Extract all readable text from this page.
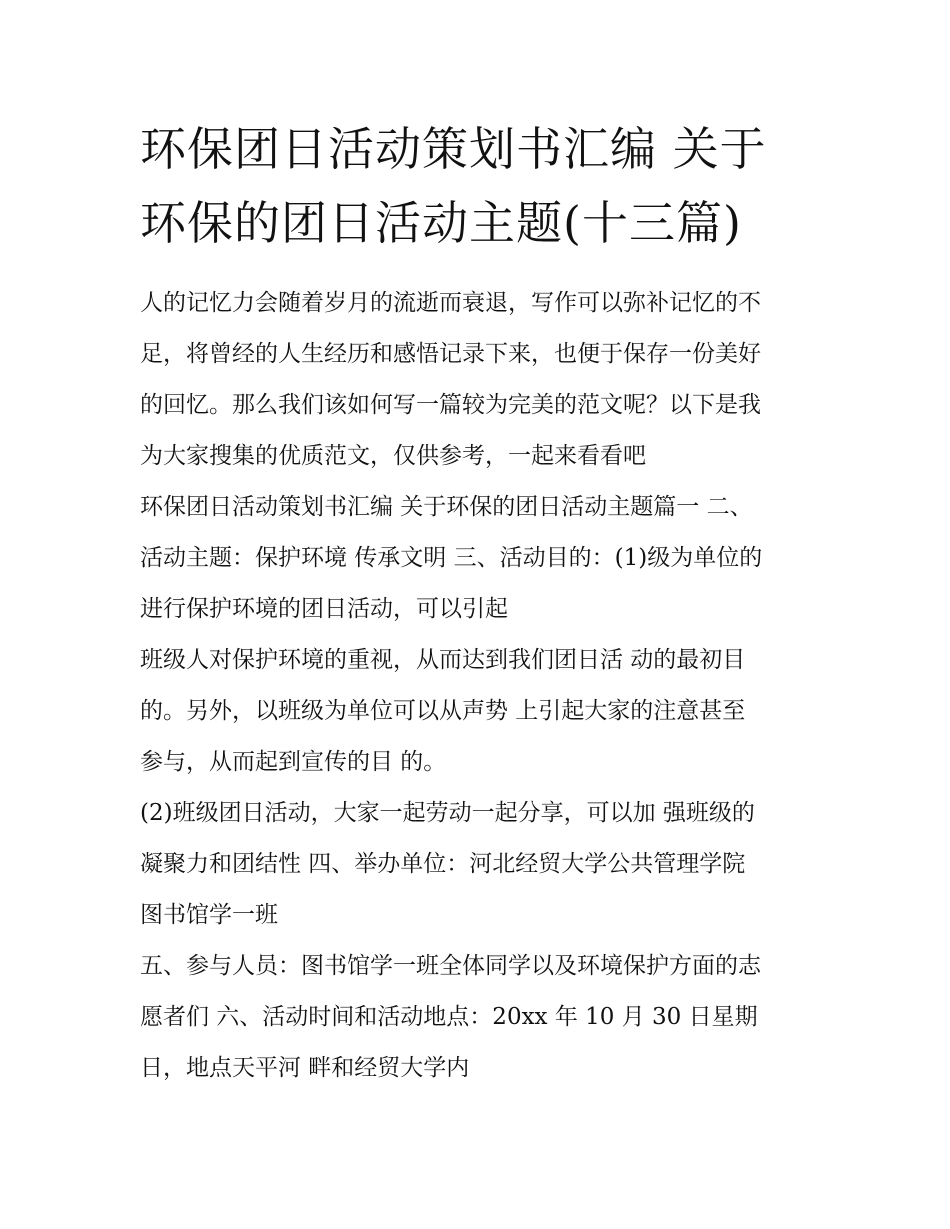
环保团日活动策划书汇编 关于
环保的团日活动主题(十三篇)
人的记忆力会随着岁月的流逝而衰退，写作可以弥补记忆的不
足，将曾经的人生经历和感悟记录下来，也便于保存一份美好
的回忆。那么我们该如何写一篇较为完美的范文呢？以下是我
为大家搜集的优质范文，仅供参考，一起来看看吧
环保团日活动策划书汇编 关于环保的团日活动主题篇一 二、
活动主题：保护环境 传承文明 三、活动目的：(1)级为单位的
进行保护环境的团日活动，可以引起
班级人对保护环境的重视，从而达到我们团日活 动的最初目
的。另外，以班级为单位可以从声势 上引起大家的注意甚至
参与，从而起到宣传的目 的。
(2)班级团日活动，大家一起劳动一起分享，可以加 强班级的
凝聚力和团结性 四、举办单位：河北经贸大学公共管理学院
图书馆学一班
五、参与人员：图书馆学一班全体同学以及环境保护方面的志
愿者们 六、活动时间和活动地点：20xx 年 10 月 30 日星期
日，地点天平河 畔和经贸大学内
